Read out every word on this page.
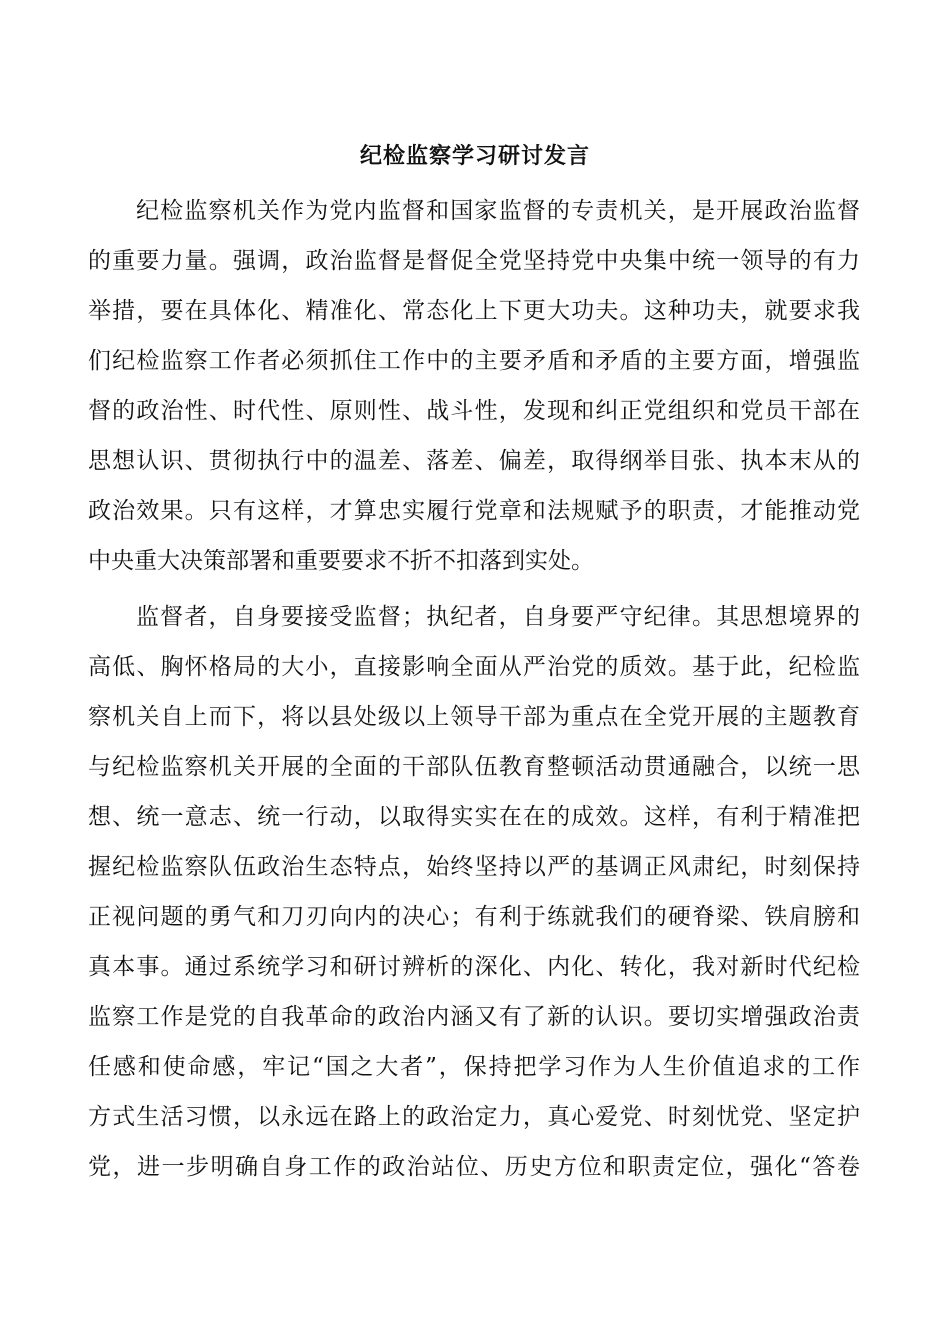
纪检监察学习研讨发言

纪检监察机关作为党内监督和国家监督的专责机关，是开展政治监督

的重要力量。强调，政治监督是督促全党坚持党中央集中统一领导的有力

举措，要在具体化、精准化、常态化上下更大功夫。这种功夫，就要求我

们纪检监察工作者必须抓住工作中的主要矛盾和矛盾的主要方面，增强监

督的政治性、时代性、原则性、战斗性，发现和纠正党组织和党员干部在

思想认识、贯彻执行中的温差、落差、偏差，取得纲举目张、执本末从的

政治效果。只有这样，才算忠实履行党章和法规赋予的职责，才能推动党

中央重大决策部署和重要要求不折不扣落到实处。

监督者，自身要接受监督；执纪者，自身要严守纪律。其思想境界的

高低、胸怀格局的大小，直接影响全面从严治党的质效。基于此，纪检监

察机关自上而下，将以县处级以上领导干部为重点在全党开展的主题教育

与纪检监察机关开展的全面的干部队伍教育整顿活动贯通融合，以统一思

想、统一意志、统一行动，以取得实实在在的成效。这样，有利于精准把

握纪检监察队伍政治生态特点，始终坚持以严的基调正风肃纪，时刻保持

正视问题的勇气和刀刃向内的决心；有利于练就我们的硬脊梁、铁肩膀和

真本事。通过系统学习和研讨辨析的深化、内化、转化，我对新时代纪检

监察工作是党的自我革命的政治内涵又有了新的认识。要切实增强政治责

任感和使命感，牢记“国之大者”，保持把学习作为人生价值追求的工作

方式生活习惯，以永远在路上的政治定力，真心爱党、时刻忧党、坚定护

党，进一步明确自身工作的政治站位、历史方位和职责定位，强化“答卷
